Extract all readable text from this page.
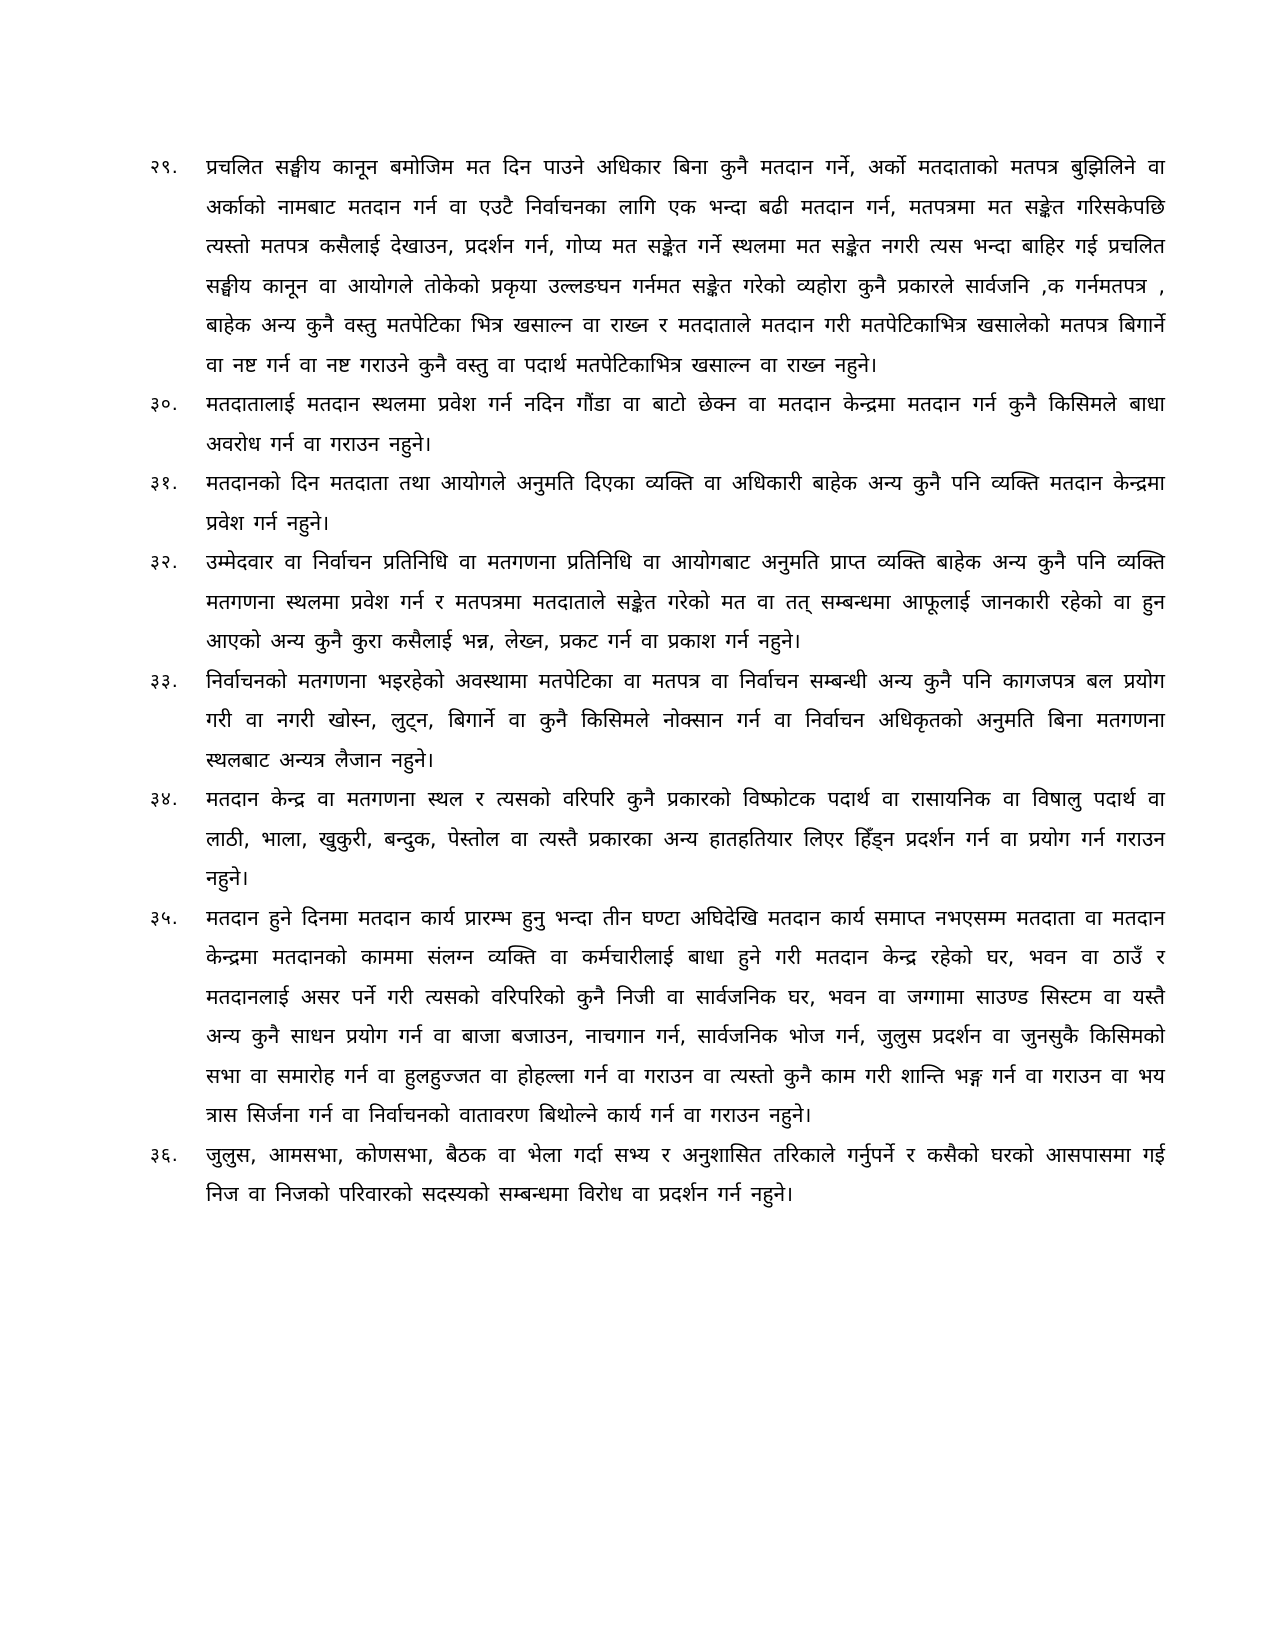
२९.	प्रचलित सङ्घीय कानून बमोजिम मत दिन पाउने अधिकार बिना कुनै मतदान गर्ने, अर्को मतदाताको मतपत्र बुझिलिने वा अर्काको नामबाट मतदान गर्न वा एउटै निर्वाचनका लागि एक भन्दा बढी मतदान गर्न, मतपत्रमा मत सङ्केत गरिसकेपछि त्यस्तो मतपत्र कसैलाई देखाउन, प्रदर्शन गर्न, गोप्य मत सङ्केत गर्ने स्थलमा मत सङ्केत नगरी त्यस भन्दा बाहिर गई प्रचलित सङ्घीय कानून वा आयोगले तोकेको प्रकृया उल्लङघन गर्नमत सङ्केत गरेको व्यहोरा कुनै प्रकारले सार्वजनि ,क गर्नमतपत्र , बाहेक अन्य कुनै वस्तु मतपेटिका भित्र खसाल्न वा राख्न र मतदाताले मतदान गरी मतपेटिकाभित्र खसालेको मतपत्र बिगार्ने वा नष्ट गर्न वा नष्ट गराउने कुनै वस्तु वा पदार्थ मतपेटिकाभित्र खसाल्न वा राख्न नहुने।
३०.	मतदातालाई मतदान स्थलमा प्रवेश गर्न नदिन गौंडा वा बाटो छेक्न वा मतदान केन्द्रमा मतदान गर्न कुनै किसिमले बाधा अवरोध गर्न वा गराउन नहुने।
३१.	मतदानको दिन मतदाता तथा आयोगले अनुमति दिएका व्यक्ति वा अधिकारी बाहेक अन्य कुनै पनि व्यक्ति मतदान केन्द्रमा प्रवेश गर्न नहुने।
३२.	उम्मेदवार वा निर्वाचन प्रतिनिधि वा मतगणना प्रतिनिधि वा आयोगबाट अनुमति प्राप्त व्यक्ति बाहेक अन्य कुनै पनि व्यक्ति मतगणना स्थलमा प्रवेश गर्न र मतपत्रमा मतदाताले सङ्केत गरेको मत वा तत् सम्बन्धमा आफूलाई जानकारी रहेको वा हुन आएको अन्य कुनै कुरा कसैलाई भन्न, लेख्न, प्रकट गर्न वा प्रकाश गर्न नहुने।
३३.	निर्वाचनको मतगणना भइरहेको अवस्थामा मतपेटिका वा मतपत्र वा निर्वाचन सम्बन्धी अन्य कुनै पनि कागजपत्र बल प्रयोग गरी वा नगरी खोस्न, लुट्न, बिगार्ने वा कुनै किसिमले नोक्सान गर्न वा निर्वाचन अधिकृतको अनुमति बिना मतगणना स्थलबाट अन्यत्र लैजान नहुने।
३४.	मतदान केन्द्र वा मतगणना स्थल र त्यसको वरिपरि कुनै प्रकारको विष्फोटक पदार्थ वा रासायनिक वा विषालु पदार्थ वा लाठी, भाला, खुकुरी, बन्दुक, पेस्तोल वा त्यस्तै प्रकारका अन्य हातहतियार लिएर हिँड्न प्रदर्शन गर्न वा प्रयोग गर्न गराउन नहुने।
३५.	मतदान हुने दिनमा मतदान कार्य प्रारम्भ हुनु भन्दा तीन घण्टा अघिदेखि मतदान कार्य समाप्त नभएसम्म मतदाता वा मतदान केन्द्रमा मतदानको काममा संलग्न व्यक्ति वा कर्मचारीलाई बाधा हुने गरी मतदान केन्द्र रहेको घर, भवन वा ठाउँ र मतदानलाई असर पर्ने गरी त्यसको वरिपरिको कुनै निजी वा सार्वजनिक घर, भवन वा जग्गामा साउण्ड सिस्टम वा यस्तै अन्य कुनै साधन प्रयोग गर्न वा बाजा बजाउन, नाचगान गर्न, सार्वजनिक भोज गर्न, जुलुस प्रदर्शन वा जुनसुकै किसिमको सभा वा समारोह गर्न वा हुलहुज्जत वा होहल्ला गर्न वा गराउन वा त्यस्तो कुनै काम गरी शान्ति भङ्ग गर्न वा गराउन वा भय त्रास सिर्जना गर्न वा निर्वाचनको वातावरण बिथोल्ने कार्य गर्न वा गराउन नहुने।
३६.	जुलुस, आमसभा, कोणसभा, बैठक वा भेला गर्दा सभ्य र अनुशासित तरिकाले गर्नुपर्ने र कसैको घरको आसपासमा गई निज वा निजको परिवारको सदस्यको सम्बन्धमा विरोध वा प्रदर्शन गर्न नहुने।
